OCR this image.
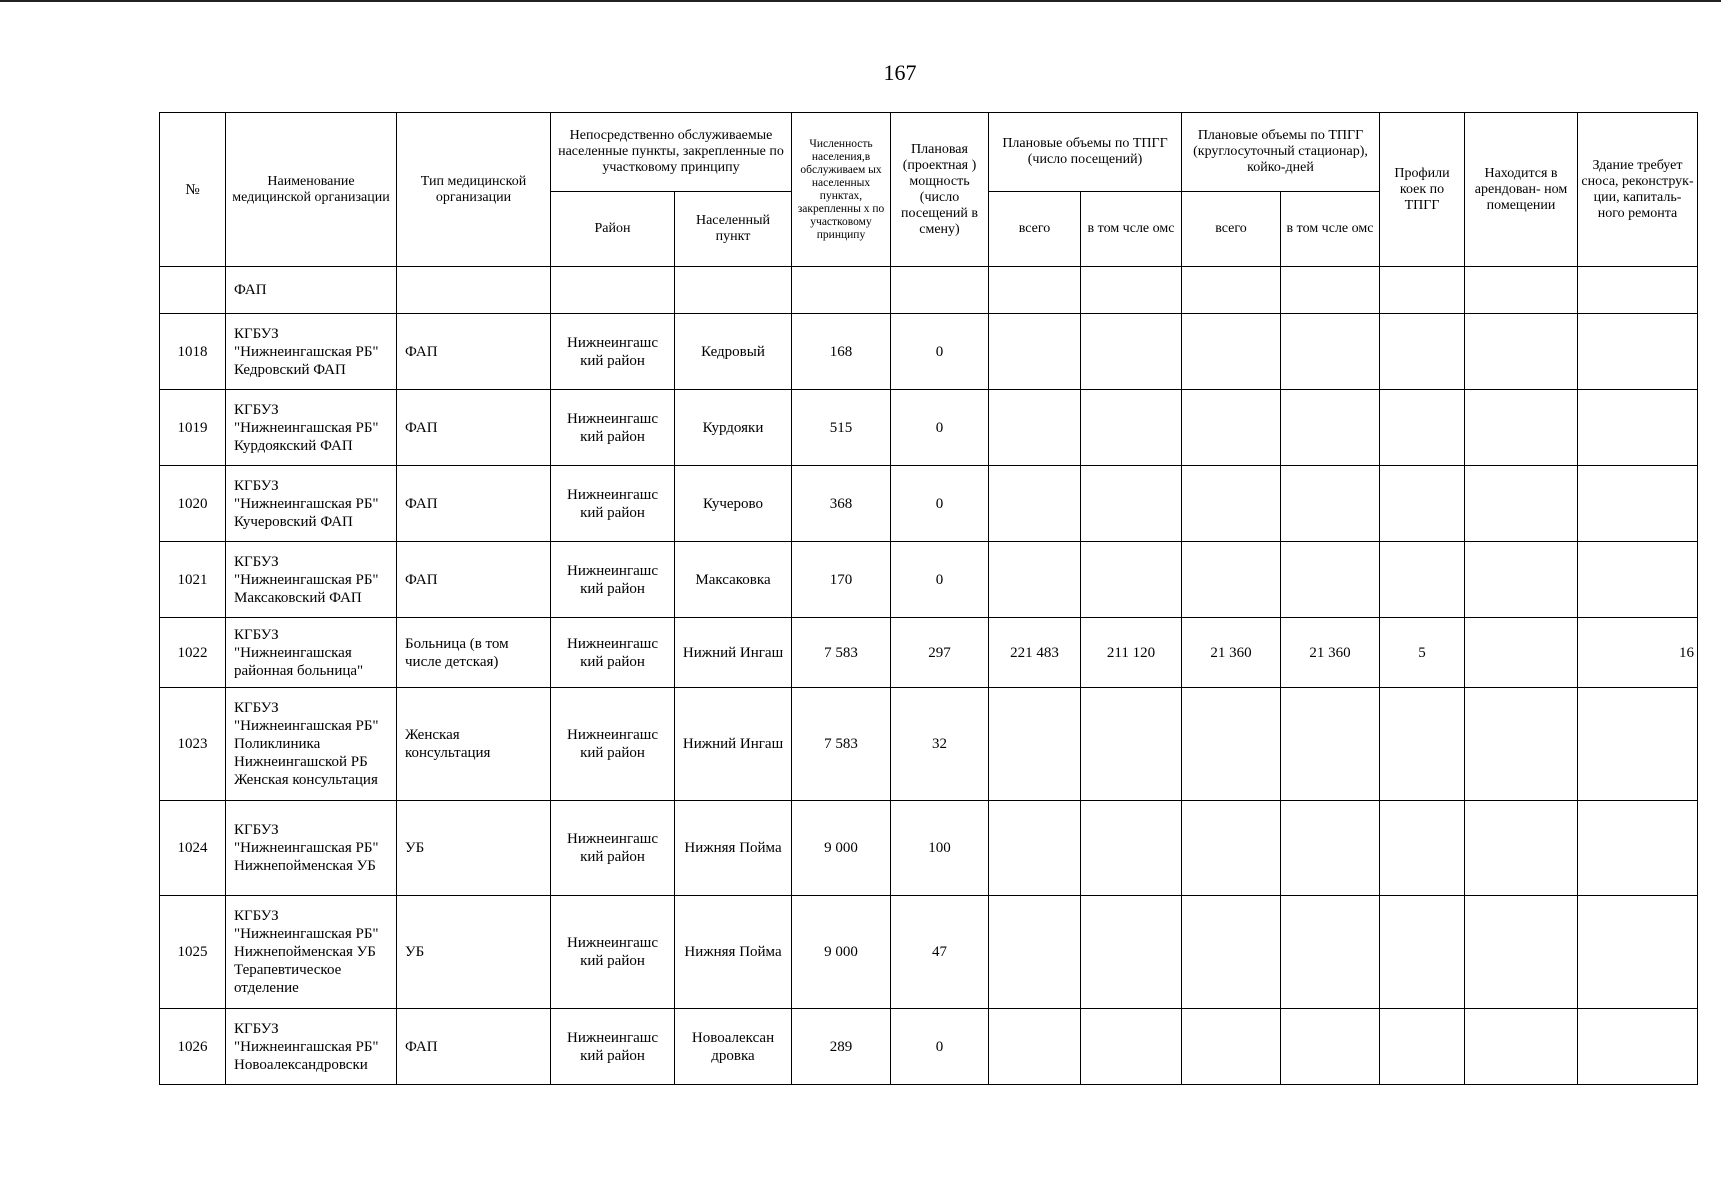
167
№	Наименование медицинской организации	Тип медицинской организации	Непосредственно обслуживаемые населенные пункты, закрепленные по участковому принципу		Численность населения,в обслуживаем ых населенных пунктах, закрепленны х по участковому принципу	Плановая (проектная ) мощность (число посещений в смену)	Плановые объемы по ТПГГ (число посещений)		Плановые объемы по ТПГГ (круглосуточный стационар), койко-дней		Профили коек по ТПГГ	Находится в арендован- ном помещении	Здание требует сноса, реконструк- ции, капиталь- ного ремонта
			Район	Населенный пункт			всего	в том чсле омс	всего	в том чсле омс			
	ФАП												
1018	КГБУЗ "Нижнеингашская РБ" Кедровский ФАП	ФАП	Нижнеингашс кий район	Кедровый	168	0							
1019	КГБУЗ "Нижнеингашская РБ" Курдоякский ФАП	ФАП	Нижнеингашс кий район	Курдояки	515	0							
1020	КГБУЗ "Нижнеингашская РБ" Кучеровский ФАП	ФАП	Нижнеингашс кий район	Кучерово	368	0							
1021	КГБУЗ "Нижнеингашская РБ" Максаковский ФАП	ФАП	Нижнеингашс кий район	Максаковка	170	0							
1022	КГБУЗ "Нижнеингашская районная больница"	Больница (в том числе детская)	Нижнеингашс кий район	Нижний Ингаш	7 583	297	221 483	211 120	21 360	21 360	5		16
1023	КГБУЗ "Нижнеингашская РБ" Поликлиника Нижнеингашской РБ Женская консультация	Женская консультация	Нижнеингашс кий район	Нижний Ингаш	7 583	32							
1024	КГБУЗ "Нижнеингашская РБ" Нижнепойменская УБ	УБ	Нижнеингашс кий район	Нижняя Пойма	9 000	100							
1025	КГБУЗ "Нижнеингашская РБ" Нижнепойменская УБ Терапевтическое отделение	УБ	Нижнеингашс кий район	Нижняя Пойма	9 000	47							
1026	КГБУЗ "Нижнеингашская РБ" Новоалександровски	ФАП	Нижнеингашс кий район	Новоалексан дровка	289	0							
